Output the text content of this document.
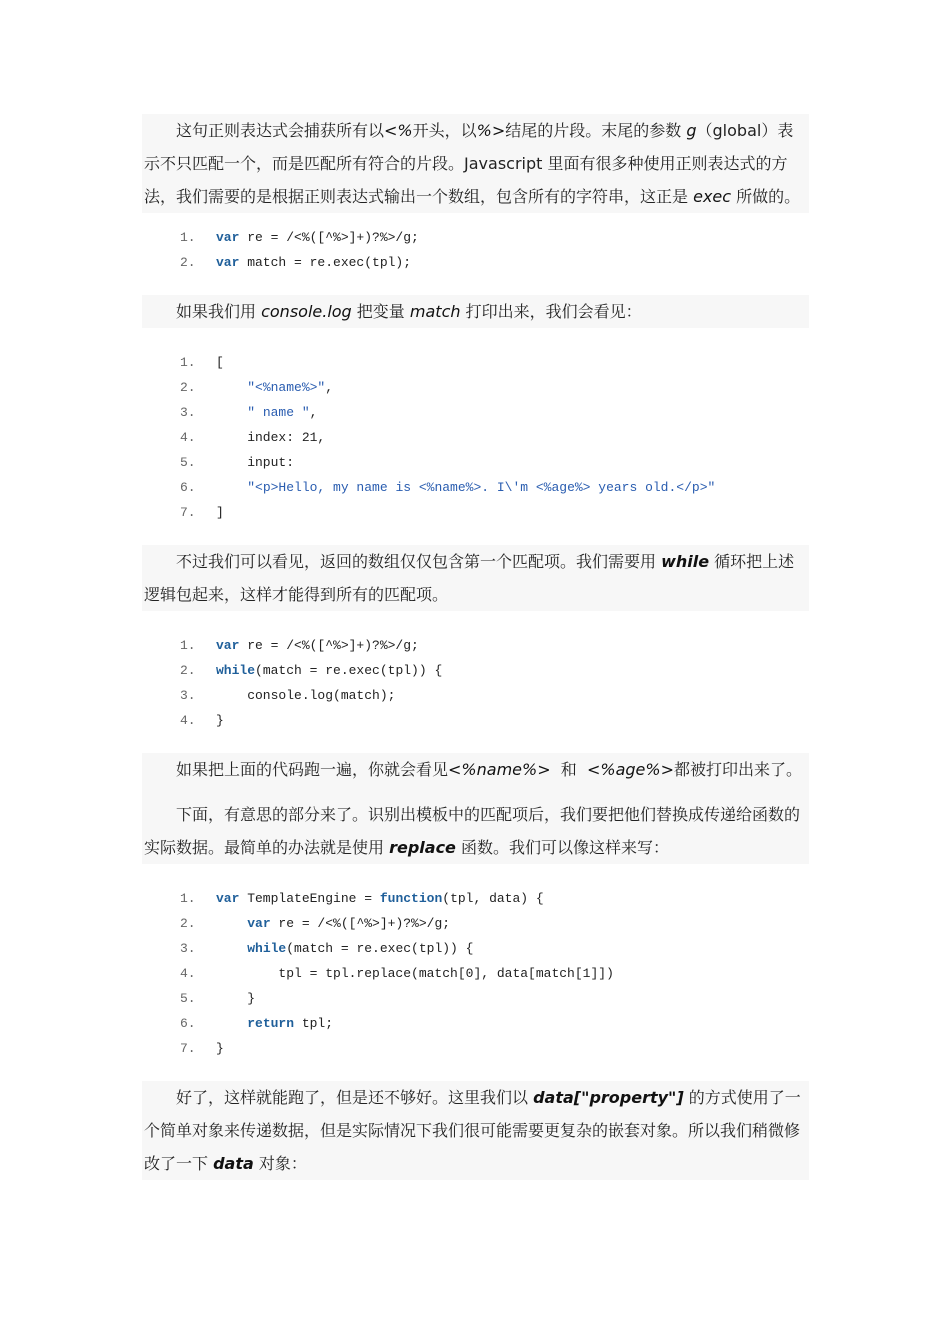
这句正则表达式会捕获所有以<%开头，以%>结尾的片段。末尾的参数 g（global）表示不只匹配一个，而是匹配所有符合的片段。Javascript 里面有很多种使用正则表达式的方法，我们需要的是根据正则表达式输出一个数组，包含所有的字符串，这正是 exec 所做的。

1. var re = /<%([^%>]+)?%>/g;
2. var match = re.exec(tpl);

如果我们用 console.log 把变量 match 打印出来，我们会看见：

1. [
2.	"<%name%>",
3.	" name ",
4.    index: 21,
5.    input:
6.	"<p>Hello, my name is <%name%>. I\'m <%age%> years old.</p>"
7. ]

不过我们可以看见，返回的数组仅仅包含第一个匹配项。我们需要用 while 循环把上述逻辑包起来，这样才能得到所有的匹配项。

1. var re = /<%([^%>]+)?%>/g;
2. while(match = re.exec(tpl)) {
3.    console.log(match);
4. }

如果把上面的代码跑一遍，你就会看见<%name%>  和  <%age%>都被打印出来了。

下面，有意思的部分来了。识别出模板中的匹配项后，我们要把他们替换成传递给函数的实际数据。最简单的办法就是使用 replace 函数。我们可以像这样来写：

1. var TemplateEngine = function(tpl, data) {
2.	var re = /<%([^%>]+)?%>/g;
3.	while(match = re.exec(tpl)) {
4.        tpl = tpl.replace(match[0], data[match[1]])
5.    }
6.	return tpl;
7. }

好了，这样就能跑了，但是还不够好。这里我们以 data["property"] 的方式使用了一个简单对象来传递数据，但是实际情况下我们很可能需要更复杂的嵌套对象。所以我们稍微修改了一下 data 对象：
